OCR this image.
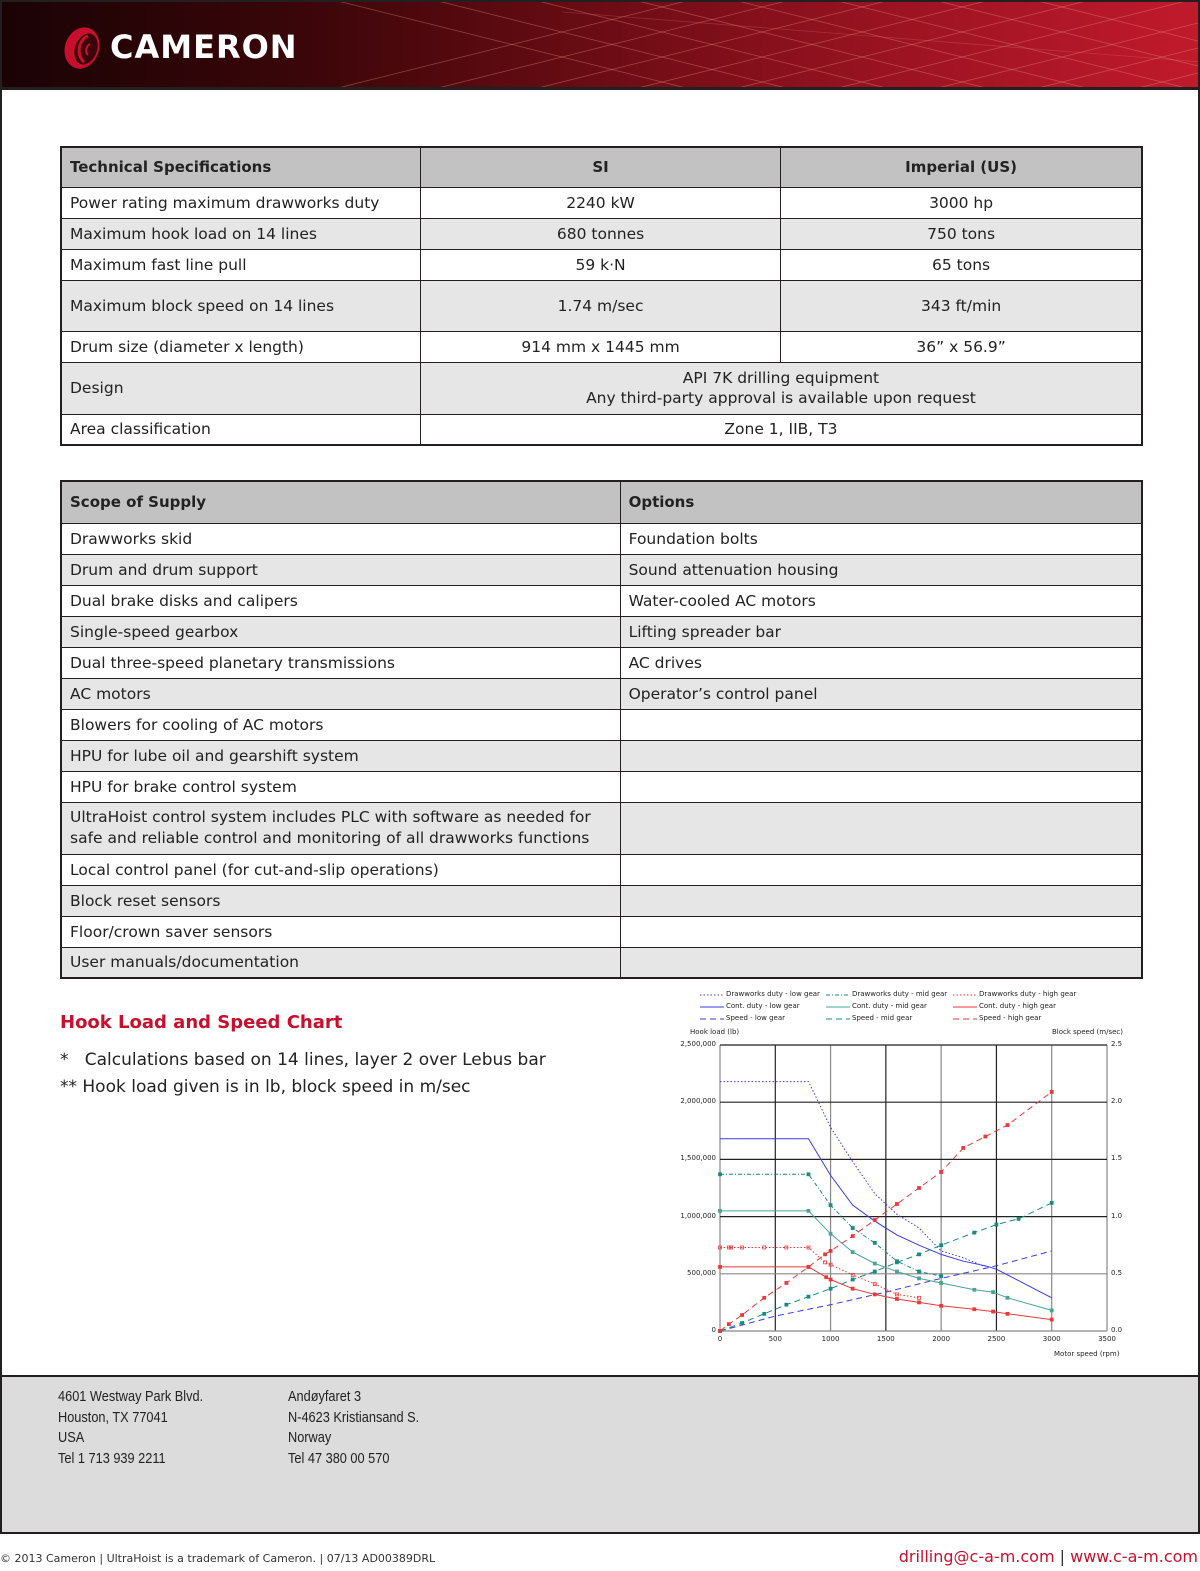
CAMERON
Technical Specifications	SI	Imperial (US)
Power rating maximum drawworks duty	2240 kW	3000 hp
Maximum hook load on 14 lines	680 tonnes	750 tons
Maximum fast line pull	59 k·N	65 tons
Maximum block speed on 14 lines	1.74 m/sec	343 ft/min
Drum size (diameter x length)	914 mm x 1445 mm	36” x 56.9”
Design	API 7K drilling equipment
Any third-party approval is available upon request	

Area classification	Zone 1, IIB, T3	
Scope of Supply	Options
Drawworks skid	Foundation bolts
Drum and drum support	Sound attenuation housing
Dual brake disks and calipers	Water-cooled AC motors
Single-speed gearbox	Lifting spreader bar
Dual three-speed planetary transmissions	AC drives
AC motors	Operator’s control panel
Blowers for cooling of AC motors	
HPU for lube oil and gearshift system	
HPU for brake control system	

UltraHoist control system includes PLC with software as needed for
safe and reliable control and monitoring of all drawworks functions	

Local control panel (for cut-and-slip operations)	
Block reset sensors	
Floor/crown saver sensors	
User manuals/documentation	
Hook Load and Speed Chart
*   Calculations based on 14 lines, layer 2 over Lebus bar
** Hook load given is in lb, block speed in m/sec
0	500	1000	1500	2000	2500	3000	3500
0	0.0
500,000	0.5
1,000,000	1.0
1,500,000	1.5
2,000,000	2.0
2,500,000	2.5
Hook load (lb)	Block speed (m/sec)
Motor speed (rpm)
Drawworks duty - low gear	Drawworks duty - mid gear	Drawworks duty - high gear
Cont. duty - low gear	Cont. duty - mid gear	Cont. duty - high gear
Speed - low gear	Speed - mid gear	Speed - high gear
4601 Westway Park Blvd.
Houston, TX 77041
USA
Tel 1 713 939 2211
Andøyfaret 3
N-4623 Kristiansand S.
Norway
Tel 47 380 00 570
© 2013 Cameron | UltraHoist is a trademark of Cameron. | 07/13 AD00389DRL	drilling@c-a-m.com | www.c-a-m.com
